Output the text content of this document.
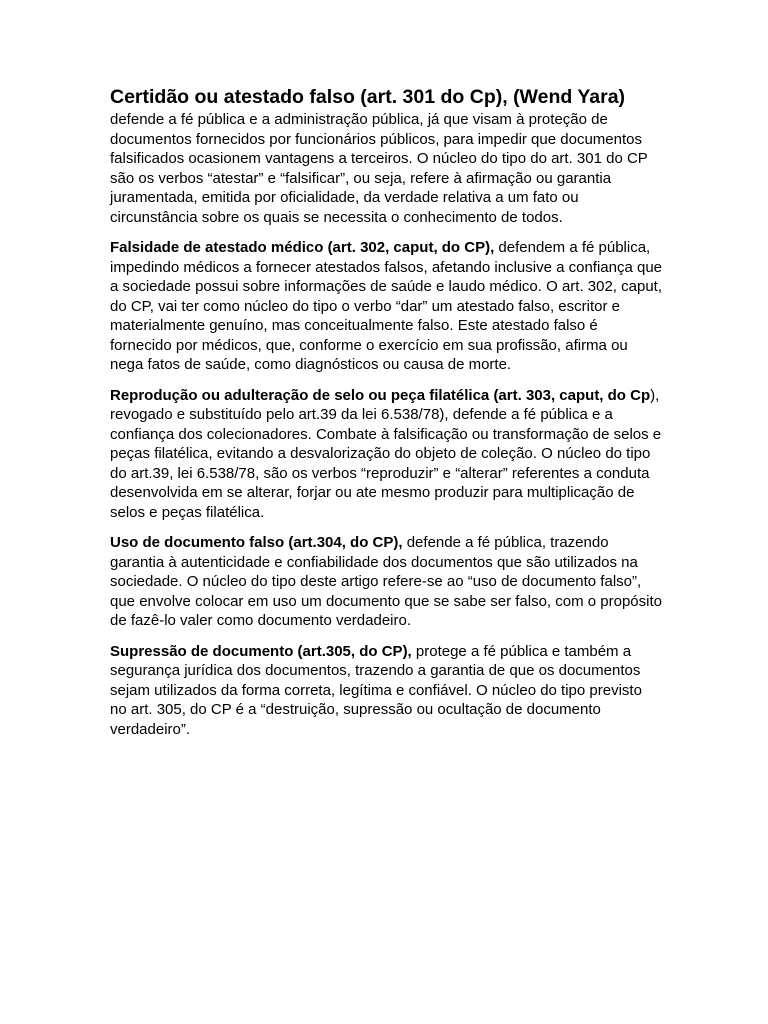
Certidão ou atestado falso (art. 301 do Cp), (Wend Yara)

defende a fé pública e a administração pública, já que visam à proteção de documentos fornecidos por funcionários públicos, para impedir que documentos falsificados ocasionem vantagens a terceiros. O núcleo do tipo do art. 301 do CP são os verbos “atestar” e “falsificar”, ou seja, refere à afirmação ou garantia juramentada, emitida por oficialidade, da verdade relativa a um fato ou circunstância sobre os quais se necessita o conhecimento de todos.

Falsidade de atestado médico (art. 302, caput, do CP), defendem a fé pública, impedindo médicos a fornecer atestados falsos, afetando inclusive a confiança que a sociedade possui sobre informações de saúde e laudo médico. O art. 302, caput, do CP, vai ter como núcleo do tipo o verbo “dar” um atestado falso, escritor e materialmente genuíno, mas conceitualmente falso. Este atestado falso é fornecido por médicos, que, conforme o exercício em sua profissão, afirma ou nega fatos de saúde, como diagnósticos ou causa de morte.

Reprodução ou adulteração de selo ou peça filatélica (art. 303, caput, do Cp), revogado e substituído pelo art.39 da lei 6.538/78), defende a fé pública e a confiança dos colecionadores. Combate à falsificação ou transformação de selos e peças filatélica, evitando a desvalorização do objeto de coleção. O núcleo do tipo do art.39, lei 6.538/78, são os verbos “reproduzir” e “alterar” referentes a conduta desenvolvida em se alterar, forjar ou ate mesmo produzir para multiplicação de selos e peças filatélica.

Uso de documento falso (art.304, do CP), defende a fé pública, trazendo garantia à autenticidade e confiabilidade dos documentos que são utilizados na sociedade. O núcleo do tipo deste artigo refere-se ao “uso de documento falso”, que envolve colocar em uso um documento que se sabe ser falso, com o propósito de fazê-lo valer como documento verdadeiro.

Supressão de documento (art.305, do CP), protege a fé pública e também a segurança jurídica dos documentos, trazendo a garantia de que os documentos sejam utilizados da forma correta, legítima e confiável. O núcleo do tipo previsto no art. 305, do CP é a “destruição, supressão ou ocultação de documento verdadeiro”.
